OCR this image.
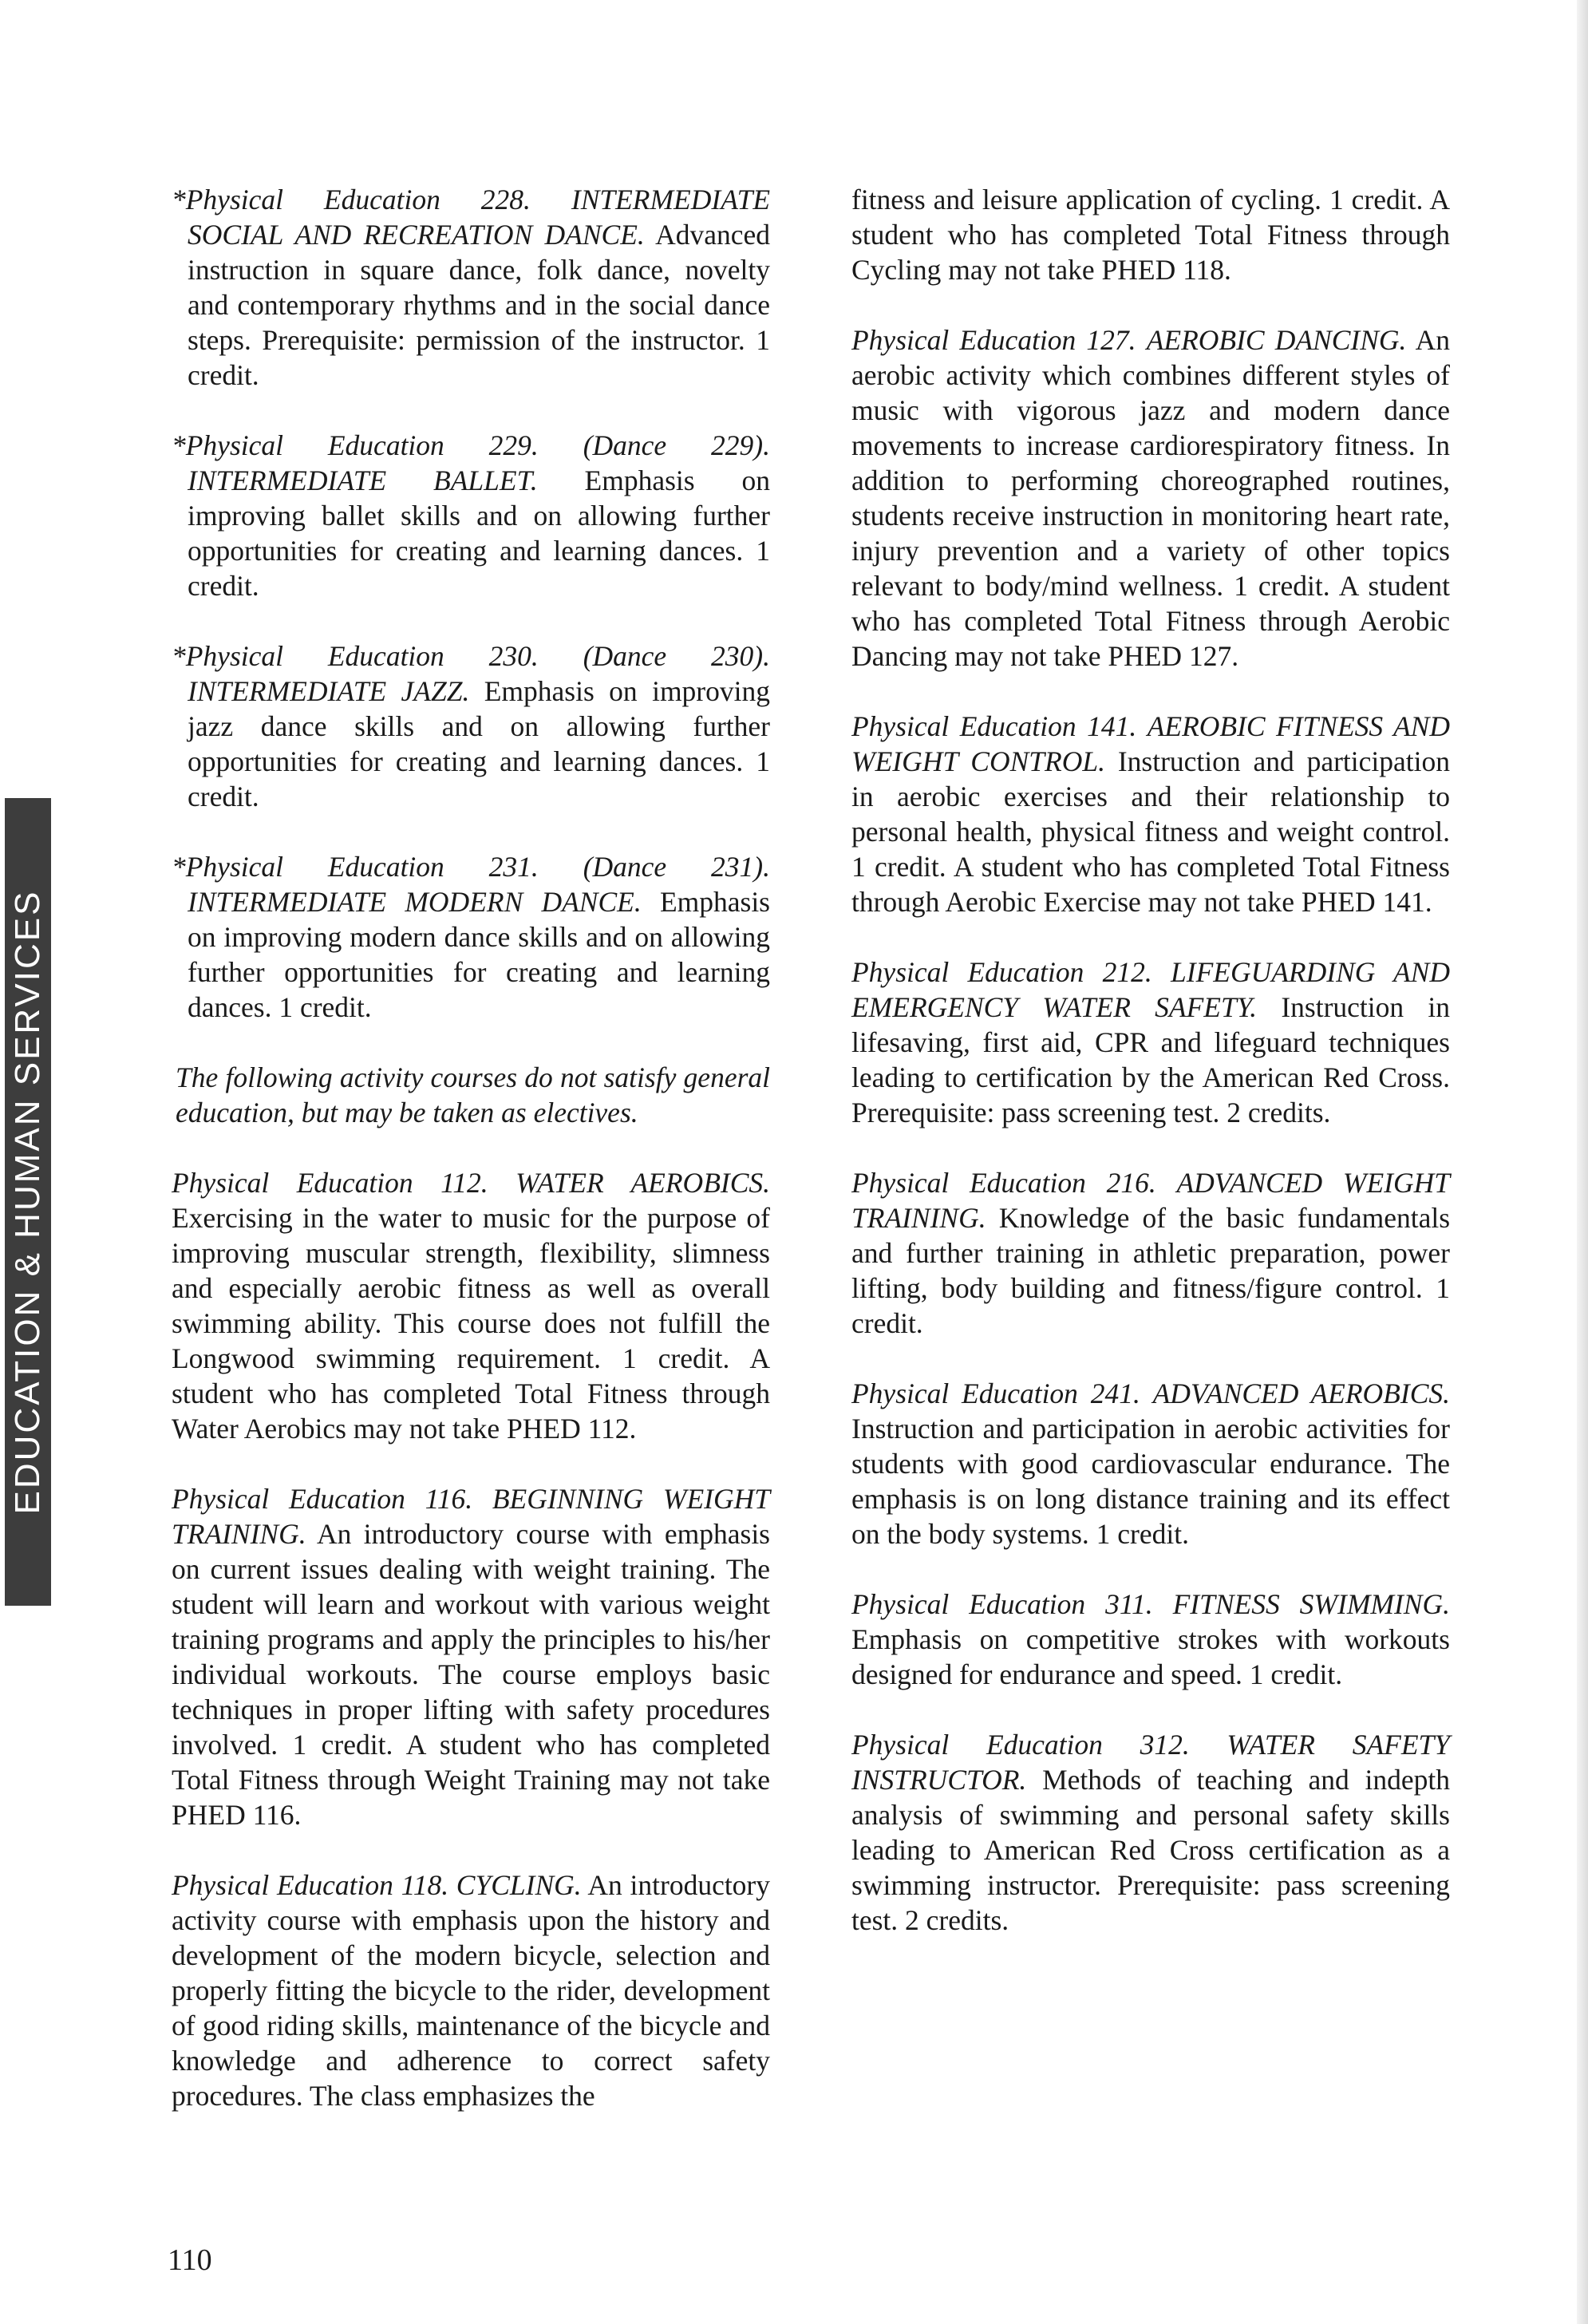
EDUCATION & HUMAN SERVICES

*Physical Education 228. INTERMEDIATE SOCIAL AND RECREATION DANCE. Advanced instruction in square dance, folk dance, novelty and contemporary rhythms and in the social dance steps. Prerequisite: permission of the instructor. 1 credit.

*Physical Education 229. (Dance 229). INTERMEDIATE BALLET. Emphasis on improving ballet skills and on allowing further opportunities for creating and learning dances. 1 credit.

*Physical Education 230. (Dance 230). INTERMEDIATE JAZZ. Emphasis on improving jazz dance skills and on allowing further opportunities for creating and learning dances. 1 credit.

*Physical Education 231. (Dance 231). INTERMEDIATE MODERN DANCE. Emphasis on improving modern dance skills and on allowing further opportunities for creating and learning dances. 1 credit.

The following activity courses do not satisfy general education, but may be taken as electives.

Physical Education 112. WATER AEROBICS. Exercising in the water to music for the purpose of improving muscular strength, flexibility, slimness and especially aerobic fitness as well as overall swimming ability. This course does not fulfill the Longwood swimming requirement. 1 credit. A student who has completed Total Fitness through Water Aerobics may not take PHED 112.

Physical Education 116. BEGINNING WEIGHT TRAINING. An introductory course with emphasis on current issues dealing with weight training. The student will learn and workout with various weight training programs and apply the principles to his/her individual workouts. The course employs basic techniques in proper lifting with safety procedures involved. 1 credit. A student who has completed Total Fitness through Weight Training may not take PHED 116.

Physical Education 118. CYCLING. An introductory activity course with emphasis upon the history and development of the modern bicycle, selection and properly fitting the bicycle to the rider, development of good riding skills, maintenance of the bicycle and knowledge and adherence to correct safety procedures. The class emphasizes the

fitness and leisure application of cycling. 1 credit. A student who has completed Total Fitness through Cycling may not take PHED 118.

Physical Education 127. AEROBIC DANCING. An aerobic activity which combines different styles of music with vigorous jazz and modern dance movements to increase cardiorespiratory fitness. In addition to performing choreographed routines, students receive instruction in monitoring heart rate, injury prevention and a variety of other topics relevant to body/mind wellness. 1 credit. A student who has completed Total Fitness through Aerobic Dancing may not take PHED 127.

Physical Education 141. AEROBIC FITNESS AND WEIGHT CONTROL. Instruction and participation in aerobic exercises and their relationship to personal health, physical fitness and weight control. 1 credit. A student who has completed Total Fitness through Aerobic Exercise may not take PHED 141.

Physical Education 212. LIFEGUARDING AND EMERGENCY WATER SAFETY. Instruction in lifesaving, first aid, CPR and lifeguard techniques leading to certification by the American Red Cross. Prerequisite: pass screening test. 2 credits.

Physical Education 216. ADVANCED WEIGHT TRAINING. Knowledge of the basic fundamentals and further training in athletic preparation, power lifting, body building and fitness/figure control. 1 credit.

Physical Education 241. ADVANCED AEROBICS. Instruction and participation in aerobic activities for students with good cardiovascular endurance. The emphasis is on long distance training and its effect on the body systems. 1 credit.

Physical Education 311. FITNESS SWIMMING. Emphasis on competitive strokes with workouts designed for endurance and speed. 1 credit.

Physical Education 312. WATER SAFETY INSTRUCTOR. Methods of teaching and indepth analysis of swimming and personal safety skills leading to American Red Cross certification as a swimming instructor. Prerequisite: pass screening test. 2 credits.

110
